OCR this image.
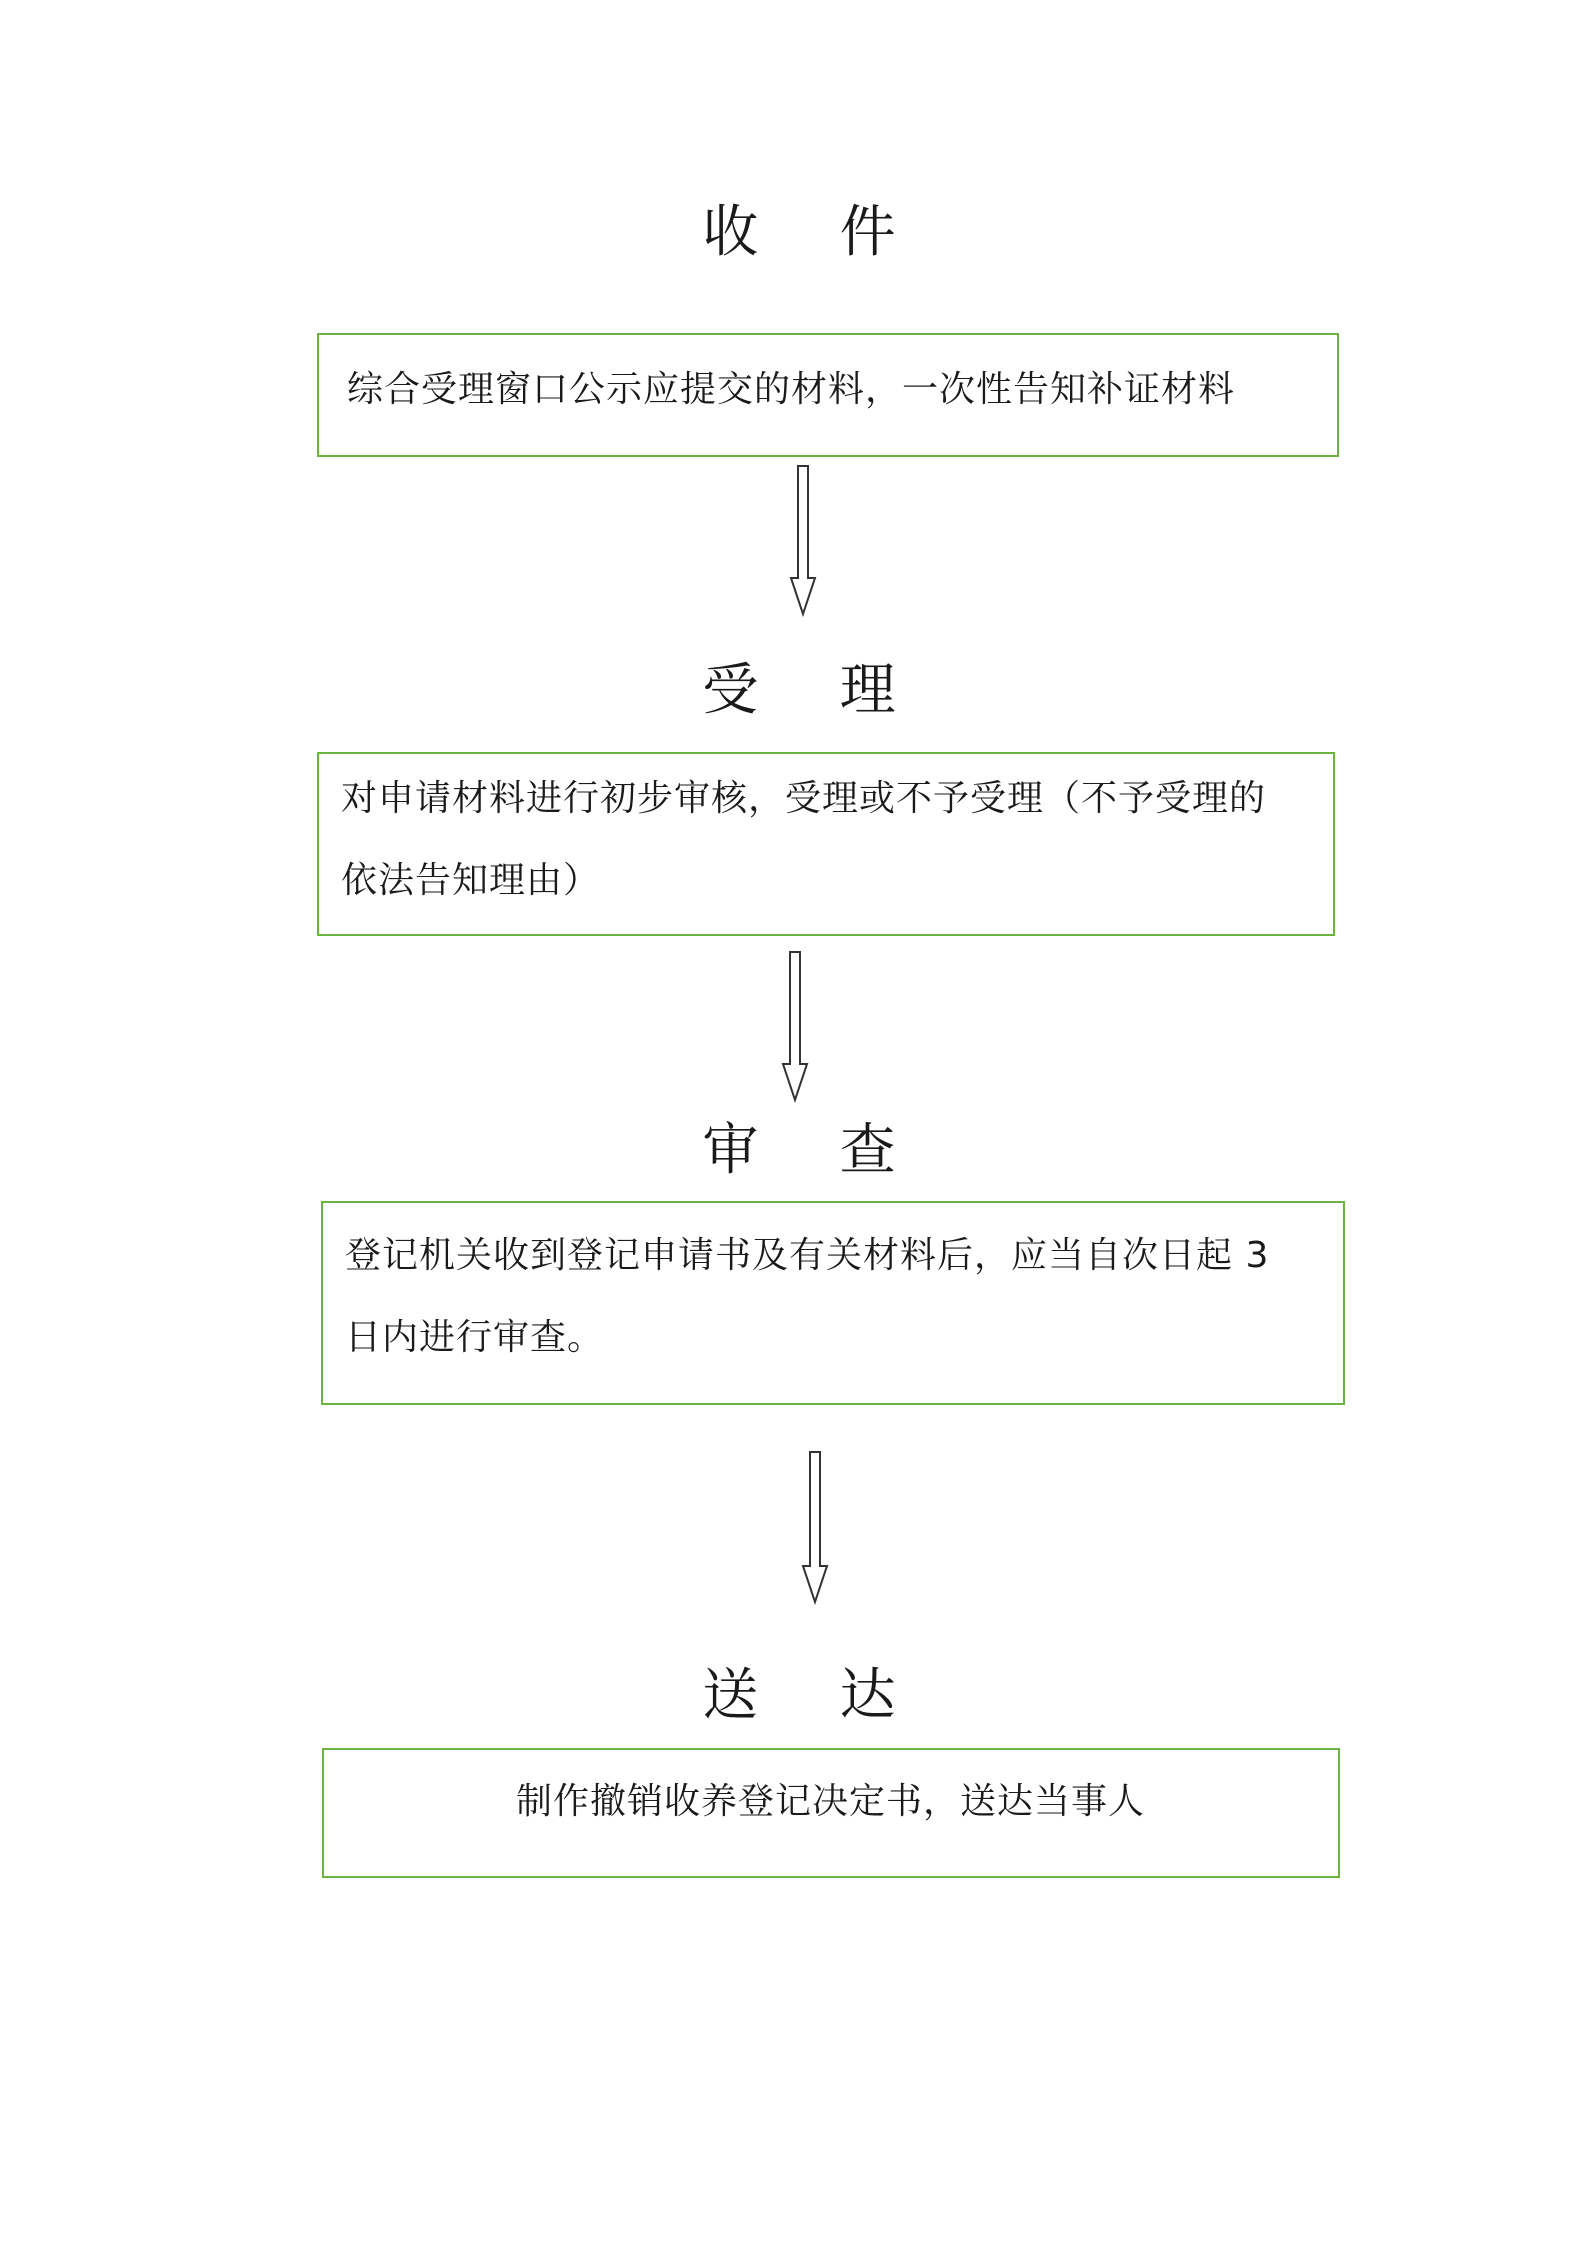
收    件
综合受理窗口公示应提交的材料，一次性告知补证材料
受    理
对申请材料进行初步审核，受理或不予受理（不予受理的依法告知理由）
审    查
登记机关收到登记申请书及有关材料后，应当自次日起 3 日内进行审查。
送    达
制作撤销收养登记决定书，送达当事人
